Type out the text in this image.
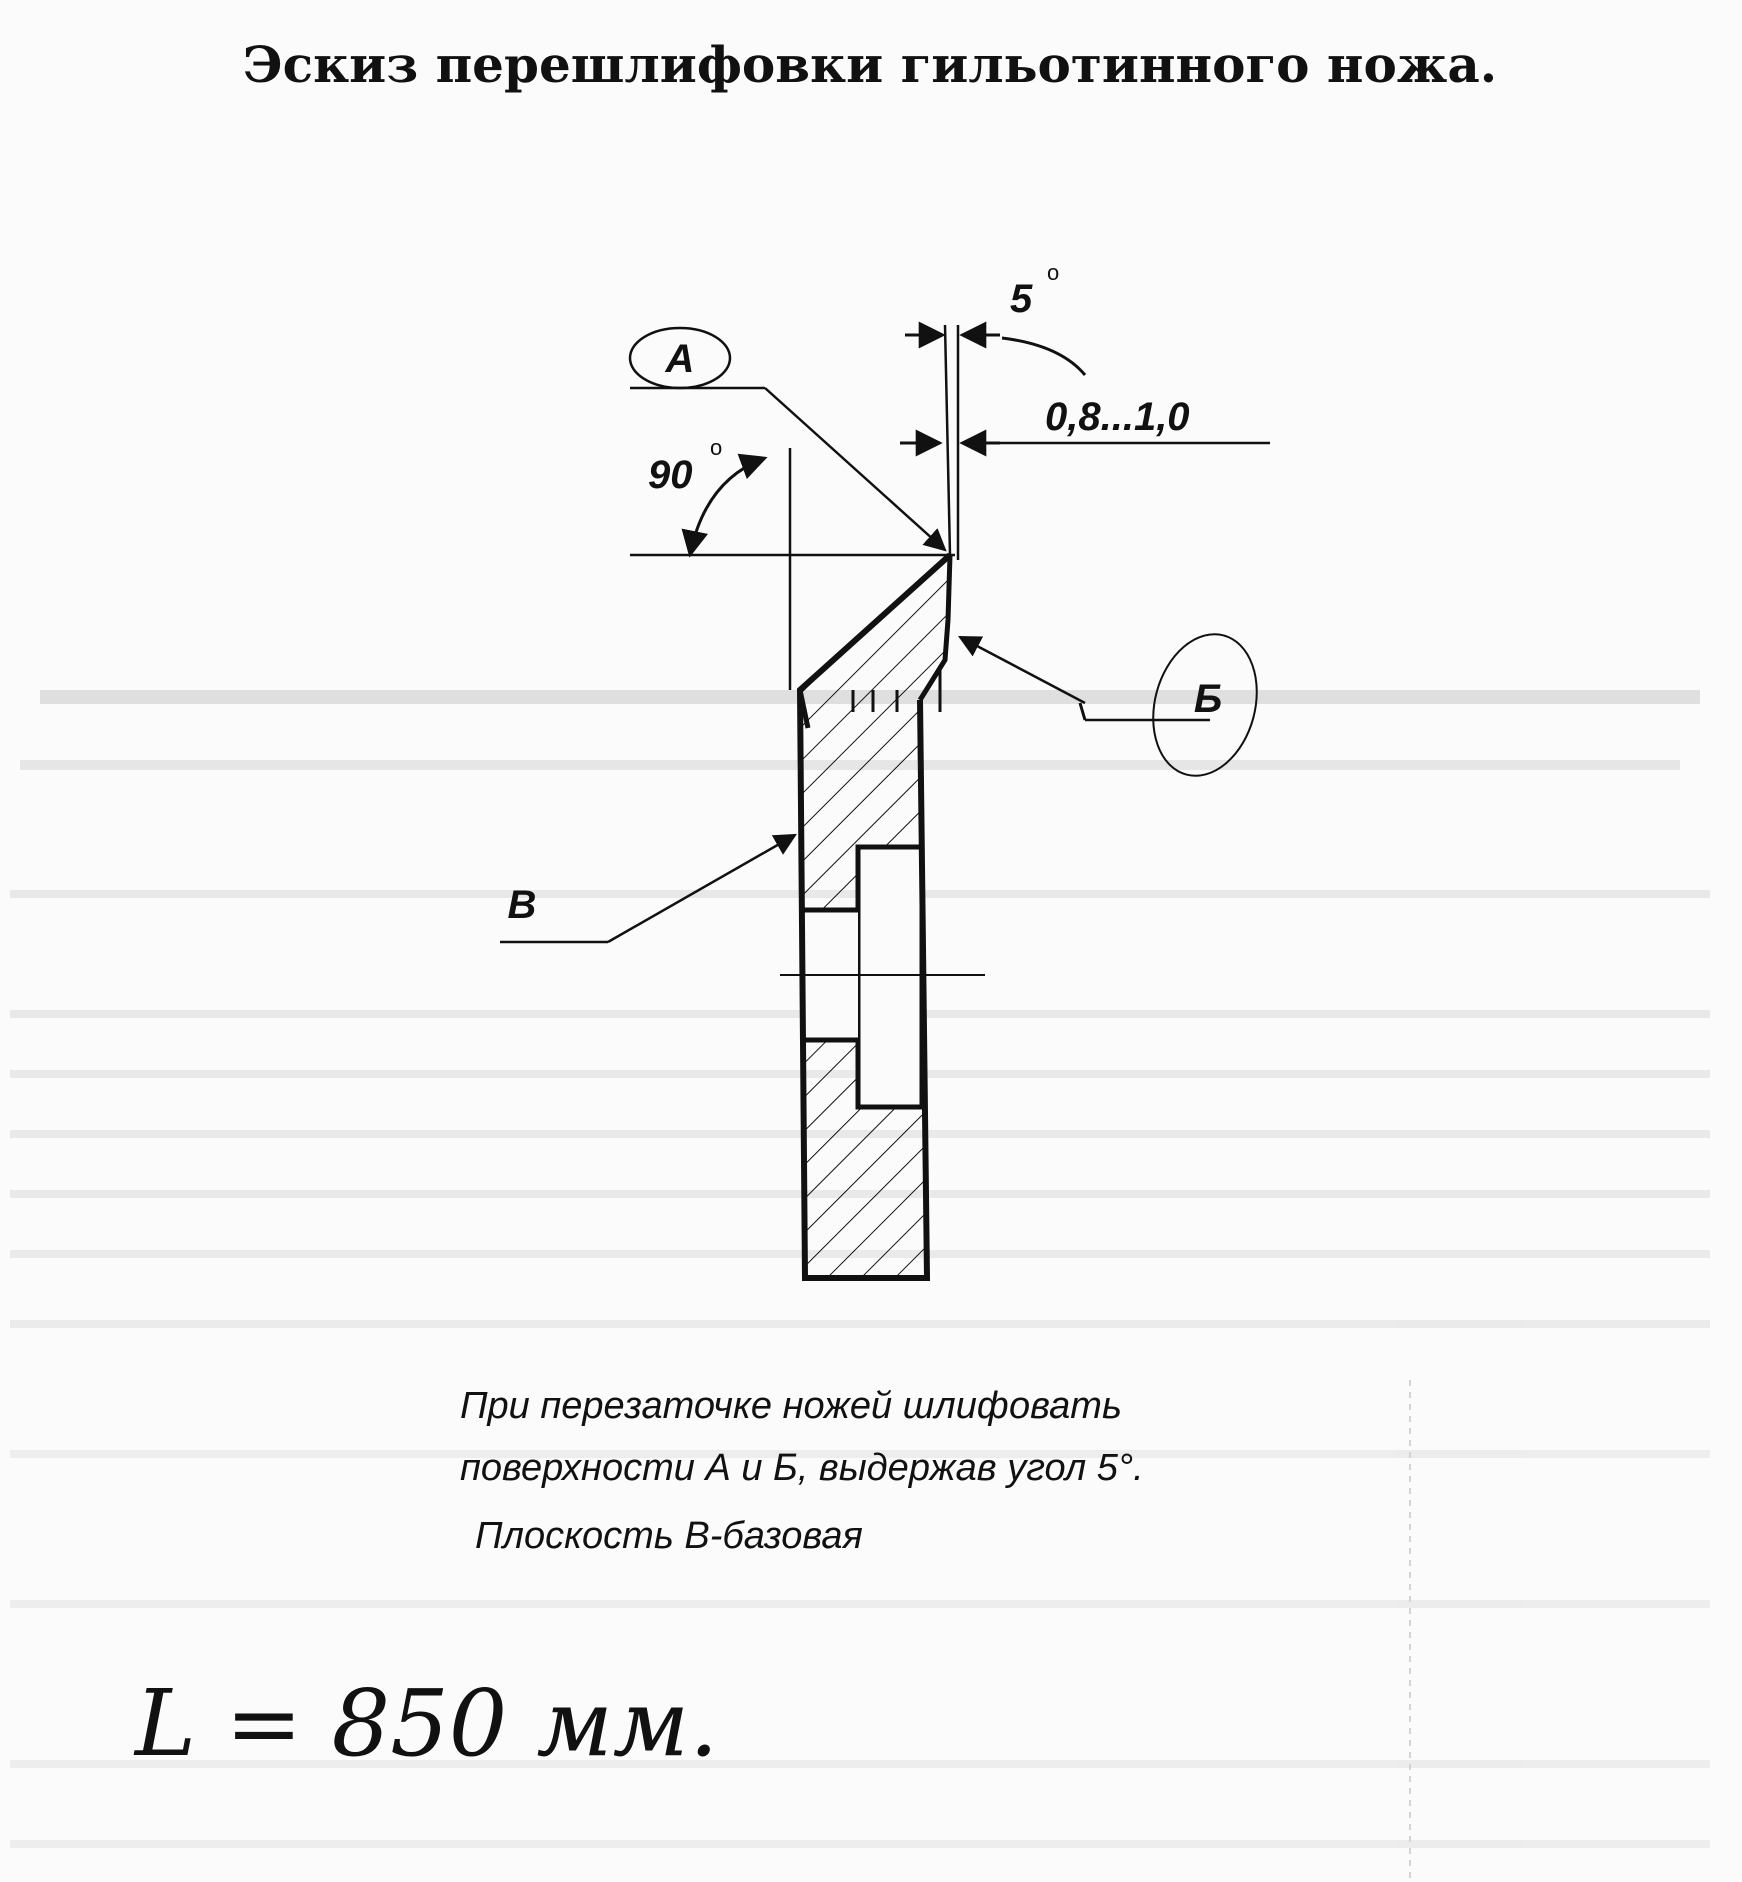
Эскиз перешлифовки гильотинного ножа.
А
Б
В
5
о
90
о
0,8...1,0
При перезаточке ножей шлифовать
поверхности А и Б, выдержав угол 5°.
Плоскость В-базовая
L = 850 мм.
